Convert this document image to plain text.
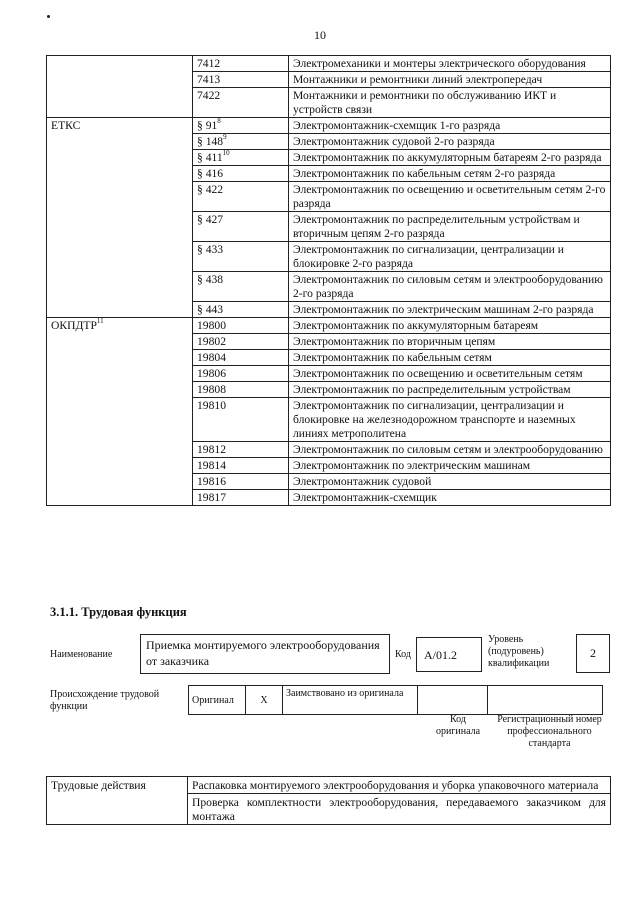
10
	7412	Электромеханики и монтеры электрического оборудования
	7413	Монтажники и ремонтники линий электропередач
	7422	Монтажники и ремонтники по обслуживанию ИКТ и устройств связи
ЕТКС	§ $91^8$	Электромонтажник-схемщик 1-го разряда
	§ $148^9$	Электромонтажник судовой 2-го разряда
	§ $411^{10}$	Электромонтажник по аккумуляторным батареям 2-го разряда
	§ 416	Электромонтажник по кабельным сетям 2-го разряда
	§ 422	Электромонтажник по освещению и осветительным сетям 2-го разряда
	§ 427	Электромонтажник по распределительным устройствам и вторичным цепям 2-го разряда
	§ 433	Электромонтажник по сигнализации, централизации и блокировке 2-го разряда
	§ 438	Электромонтажник по силовым сетям и электрооборудованию 2-го разряда
	§ 443	Электромонтажник по электрическим машинам 2-го разряда
ОКПДТР$^{11}$	19800	Электромонтажник по аккумуляторным батареям
	19802	Электромонтажник по вторичным цепям
	19804	Электромонтажник по кабельным сетям
	19806	Электромонтажник по освещению и осветительным сетям
	19808	Электромонтажник по распределительным устройствам
	19810	Электромонтажник по сигнализации, централизации и блокировке на железнодорожном транспорте и наземных линиях метрополитена
	19812	Электромонтажник по силовым сетям и электрооборудованию
	19814	Электромонтажник по электрическим машинам
	19816	Электромонтажник судовой
	19817	Электромонтажник-схемщик
3.1.1. Трудовая функция
Наименование
Приемка монтируемого электрооборудования от заказчика	Код	А/01.2
Уровень (подуровень) квалификации
2
Происхождение трудовой функции
Оригинал	X	Заимствовано из оригинала		
Код оригинала
Регистрационный номер профессионального стандарта
Трудовые действия	Распаковка монтируемого электрооборудования и уборка упаковочного материала
Проверка комплектности электрооборудования, передаваемого заказчиком для монтажа
